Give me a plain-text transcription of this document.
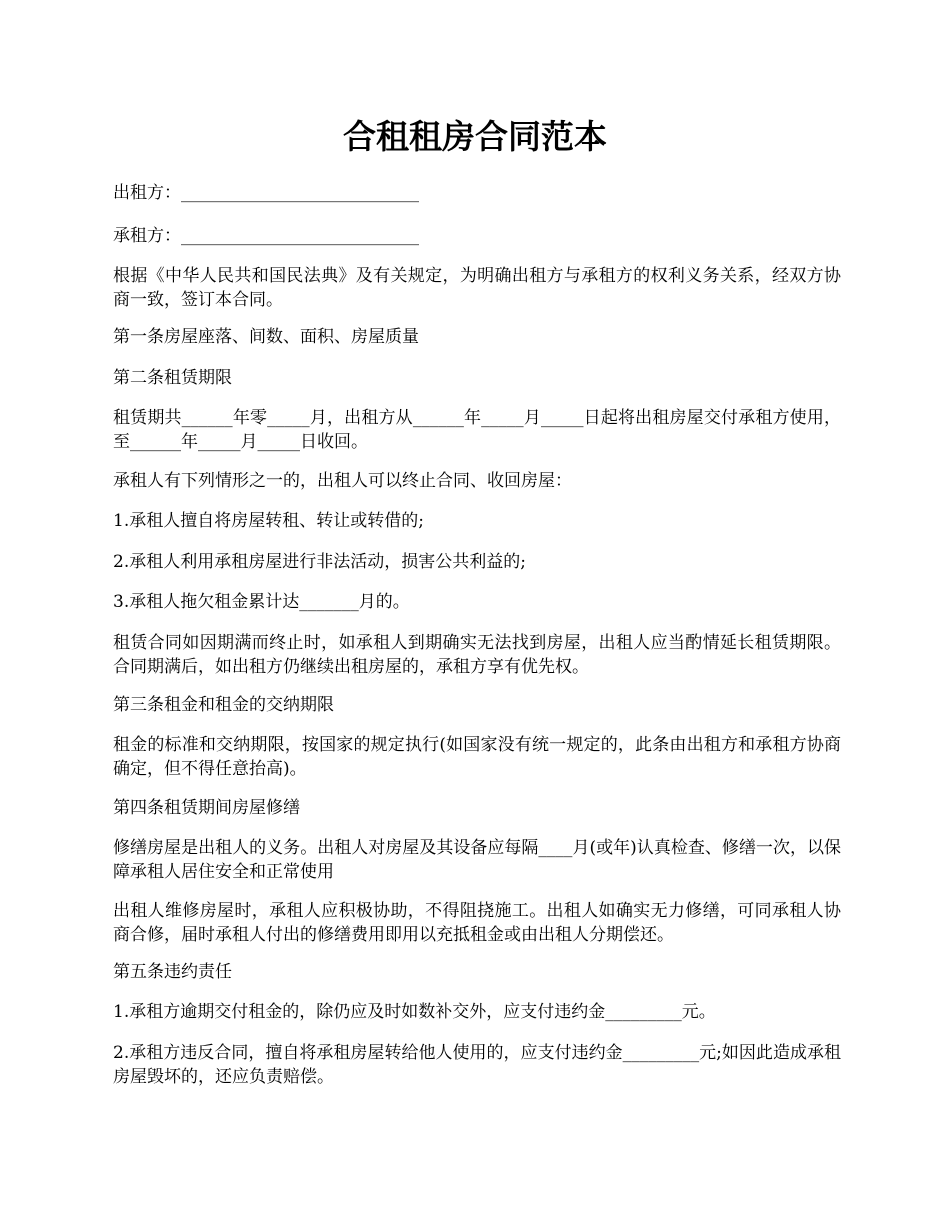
合租租房合同范本

出租方：____________________________

承租方：____________________________

根据《中华人民共和国民法典》及有关规定，为明确出租方与承租方的权利义务关系，经双方协商一致，签订本合同。

第一条房屋座落、间数、面积、房屋质量

第二条租赁期限

租赁期共______年零_____月，出租方从______年_____月_____日起将出租房屋交付承租方使用，至______年_____月_____日收回。

承租人有下列情形之一的，出租人可以终止合同、收回房屋：

1.承租人擅自将房屋转租、转让或转借的;

2.承租人利用承租房屋进行非法活动，损害公共利益的;

3.承租人拖欠租金累计达_______月的。

租赁合同如因期满而终止时，如承租人到期确实无法找到房屋，出租人应当酌情延长租赁期限。合同期满后，如出租方仍继续出租房屋的，承租方享有优先权。

第三条租金和租金的交纳期限

租金的标准和交纳期限，按国家的规定执行(如国家没有统一规定的，此条由出租方和承租方协商确定，但不得任意抬高)。

第四条租赁期间房屋修缮

修缮房屋是出租人的义务。出租人对房屋及其设备应每隔____月(或年)认真检查、修缮一次，以保障承租人居住安全和正常使用

出租人维修房屋时，承租人应积极协助，不得阻挠施工。出租人如确实无力修缮，可同承租人协商合修，届时承租人付出的修缮费用即用以充抵租金或由出租人分期偿还。

第五条违约责任

1.承租方逾期交付租金的，除仍应及时如数补交外，应支付违约金_________元。

2.承租方违反合同，擅自将承租房屋转给他人使用的，应支付违约金_________元;如因此造成承租房屋毁坏的，还应负责赔偿。
